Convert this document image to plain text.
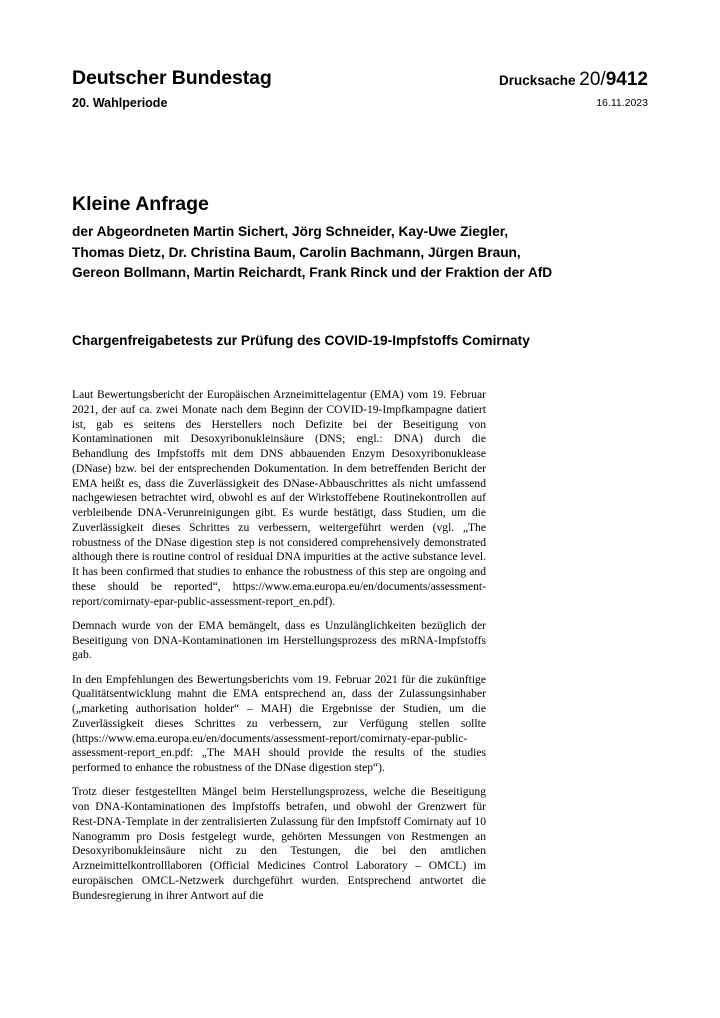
Deutscher Bundestag
20. Wahlperiode
Drucksache 20/9412
16.11.2023
Kleine Anfrage
der Abgeordneten Martin Sichert, Jörg Schneider, Kay-Uwe Ziegler,
Thomas Dietz, Dr. Christina Baum, Carolin Bachmann, Jürgen Braun,
Gereon Bollmann, Martin Reichardt, Frank Rinck und der Fraktion der AfD
Chargenfreigabetests zur Prüfung des COVID-19-Impfstoffs Comirnaty

Laut Bewertungsbericht der Europäischen Arzneimittelagentur (EMA) vom 19. Februar 2021, der auf ca. zwei Monate nach dem Beginn der COVID-19-Impfkampagne datiert ist, gab es seitens des Herstellers noch Defizite bei der Beseitigung von Kontaminationen mit Desoxyribonukleinsäure (DNS; engl.: DNA) durch die Behandlung des Impfstoffs mit dem DNS abbauenden Enzym Desoxyribonuklease (DNase) bzw. bei der entsprechenden Dokumentation. In dem betreffenden Bericht der EMA heißt es, dass die Zuverlässigkeit des DNase-Abbauschrittes als nicht umfassend nachgewiesen betrachtet wird, obwohl es auf der Wirkstoffebene Routinekontrollen auf verbleibende DNA-Verunreinigungen gibt. Es wurde bestätigt, dass Studien, um die Zuverlässigkeit dieses Schrittes zu verbessern, weitergeführt werden (vgl. „The robustness of the DNase digestion step is not considered comprehensively demonstrated although there is routine control of residual DNA impurities at the active substance level. It has been confirmed that studies to enhance the robustness of this step are ongoing and these should be reported“, https://www.ema.europa.eu/en/documents/assessment-report/comirnaty-epar-public-assessment-report_en.pdf).

Demnach wurde von der EMA bemängelt, dass es Unzulänglichkeiten bezüglich der Beseitigung von DNA-Kontaminationen im Herstellungsprozess des mRNA-Impfstoffs gab.

In den Empfehlungen des Bewertungsberichts vom 19. Februar 2021 für die zukünftige Qualitätsentwicklung mahnt die EMA entsprechend an, dass der Zulassungsinhaber („marketing authorisation holder“ – MAH) die Ergebnisse der Studien, um die Zuverlässigkeit dieses Schrittes zu verbessern, zur Verfügung stellen sollte (https://www.ema.europa.eu/en/documents/assessment-report/comirnaty-epar-public-assessment-report_en.pdf: „The MAH should provide the results of the studies performed to enhance the robustness of the DNase digestion step“).

Trotz dieser festgestellten Mängel beim Herstellungsprozess, welche die Beseitigung von DNA-Kontaminationen des Impfstoffs betrafen, und obwohl der Grenzwert für Rest-DNA-Template in der zentralisierten Zulassung für den Impfstoff Comirnaty auf 10 Nanogramm pro Dosis festgelegt wurde, gehörten Messungen von Restmengen an Desoxyribonukleinsäure nicht zu den Testungen, die bei den amtlichen Arzneimittelkontrolllaboren (Official Medicines Control Laboratory – OMCL) im europäischen OMCL-Netzwerk durchgeführt wurden. Entsprechend antwortet die Bundesregierung in ihrer Antwort auf die
